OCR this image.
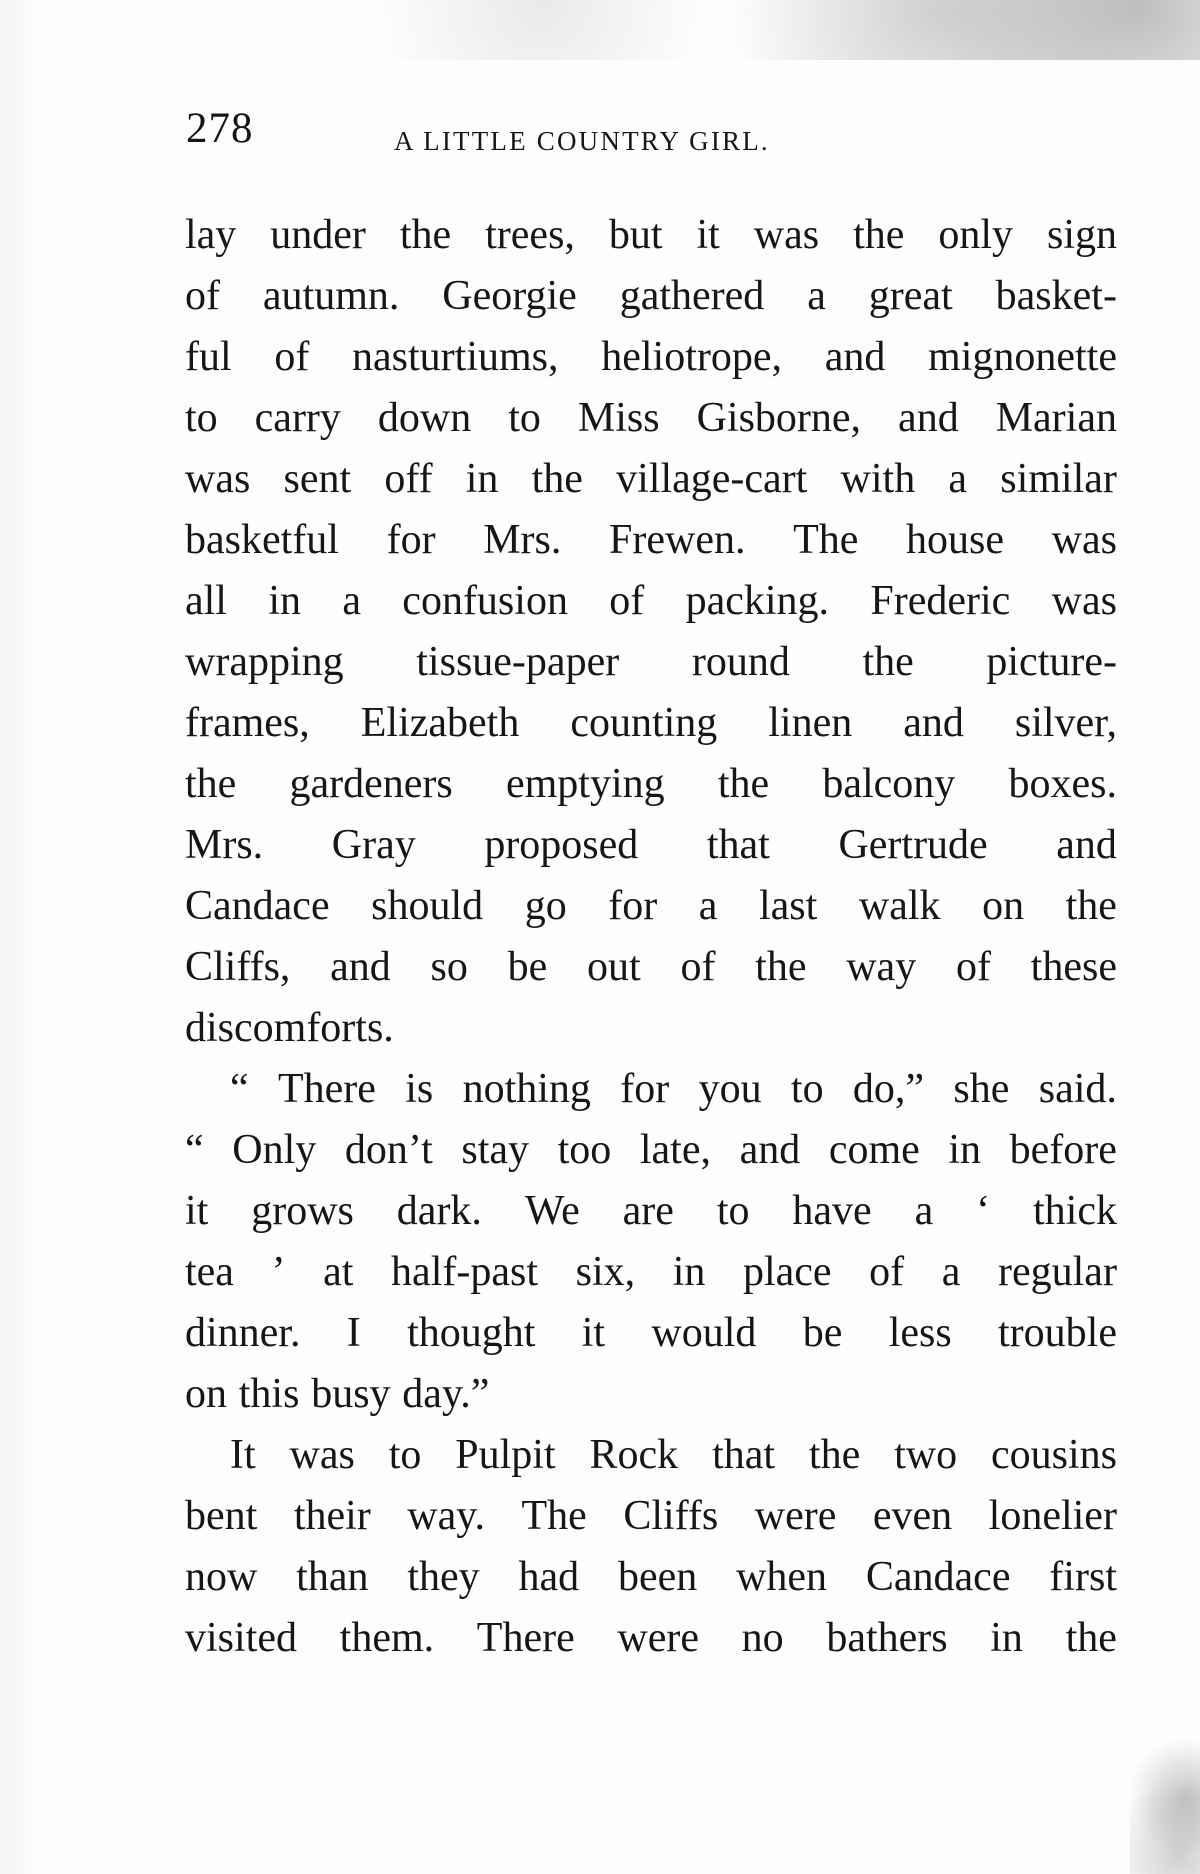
278	A LITTLE COUNTRY GIRL.
lay under the trees, but it was the only sign
of autumn. Georgie gathered a great basket-
ful of nasturtiums, heliotrope, and mignonette
to carry down to Miss Gisborne, and Marian
was sent off in the village-cart with a similar
basketful for Mrs. Frewen. The house was
all in a confusion of packing. Frederic was
wrapping tissue-paper round the picture-
frames, Elizabeth counting linen and silver,
the gardeners emptying the balcony boxes.
Mrs. Gray proposed that Gertrude and
Candace should go for a last walk on the
Cliffs, and so be out of the way of these
discomforts.
“ There is nothing for you to do,” she said.
“ Only don’t stay too late, and come in before
it grows dark. We are to have a ‘ thick
tea ’ at half-past six, in place of a regular
dinner. I thought it would be less trouble
on this busy day.”
It was to Pulpit Rock that the two cousins
bent their way. The Cliffs were even lonelier
now than they had been when Candace first
visited them. There were no bathers in the
